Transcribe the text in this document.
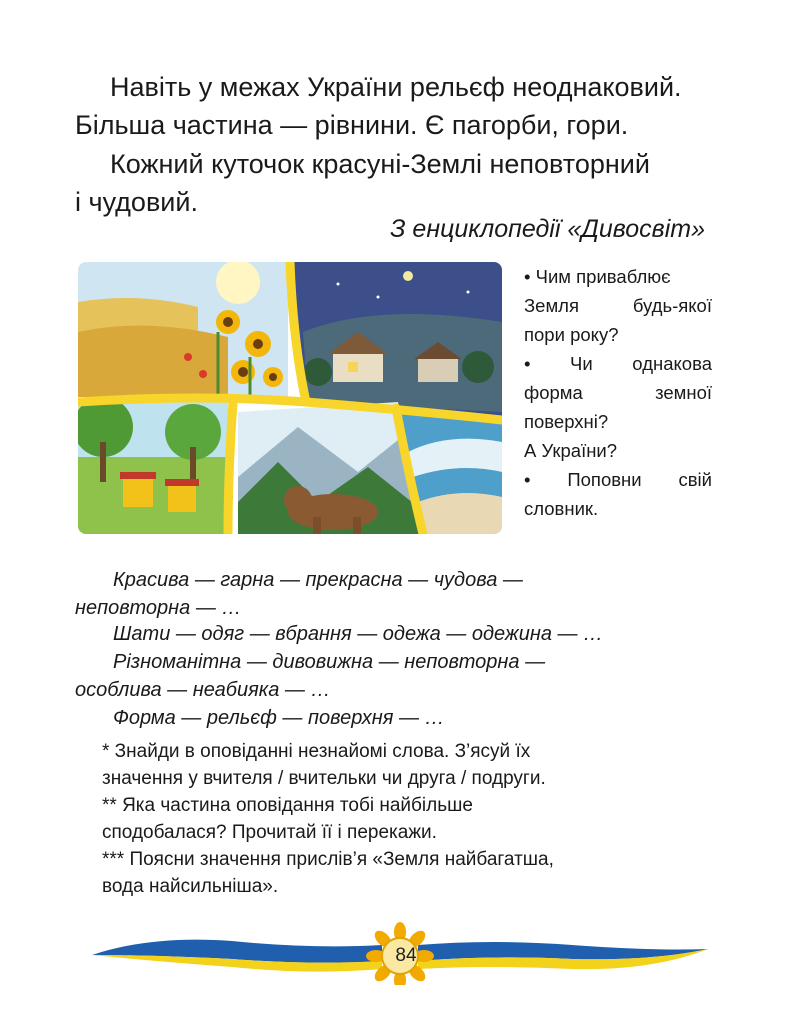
Навіть у межах України рельєф неоднаковий.
Більша частина — рівнини. Є пагорби, гори.
Кожний куточок красуні-Землі неповторний
і чудовий.
З енциклопедії «Дивосвіт»
• Чим приваблює
Земля будь-якої
пори року?
• Чи однакова
форма земної
поверхні?
А України?
• Поповни свій
словник.
Красива — гарна — прекрасна — чудова —
неповторна — …
Шати — одяг — вбрання — одежа — одежина — …
Різноманітна — дивовижна — неповторна —
особлива — неабияка — …
Форма — рельєф — поверхня — …
* Знайди в оповіданні незнайомі слова. З’ясуй їх
значення у вчителя / вчительки чи друга / подруги.
** Яка частина оповідання тобі найбільше
сподобалася? Прочитай її і перекажи.
*** Поясни значення прислів’я «Земля найбагатша,
вода найсильніша».
84
